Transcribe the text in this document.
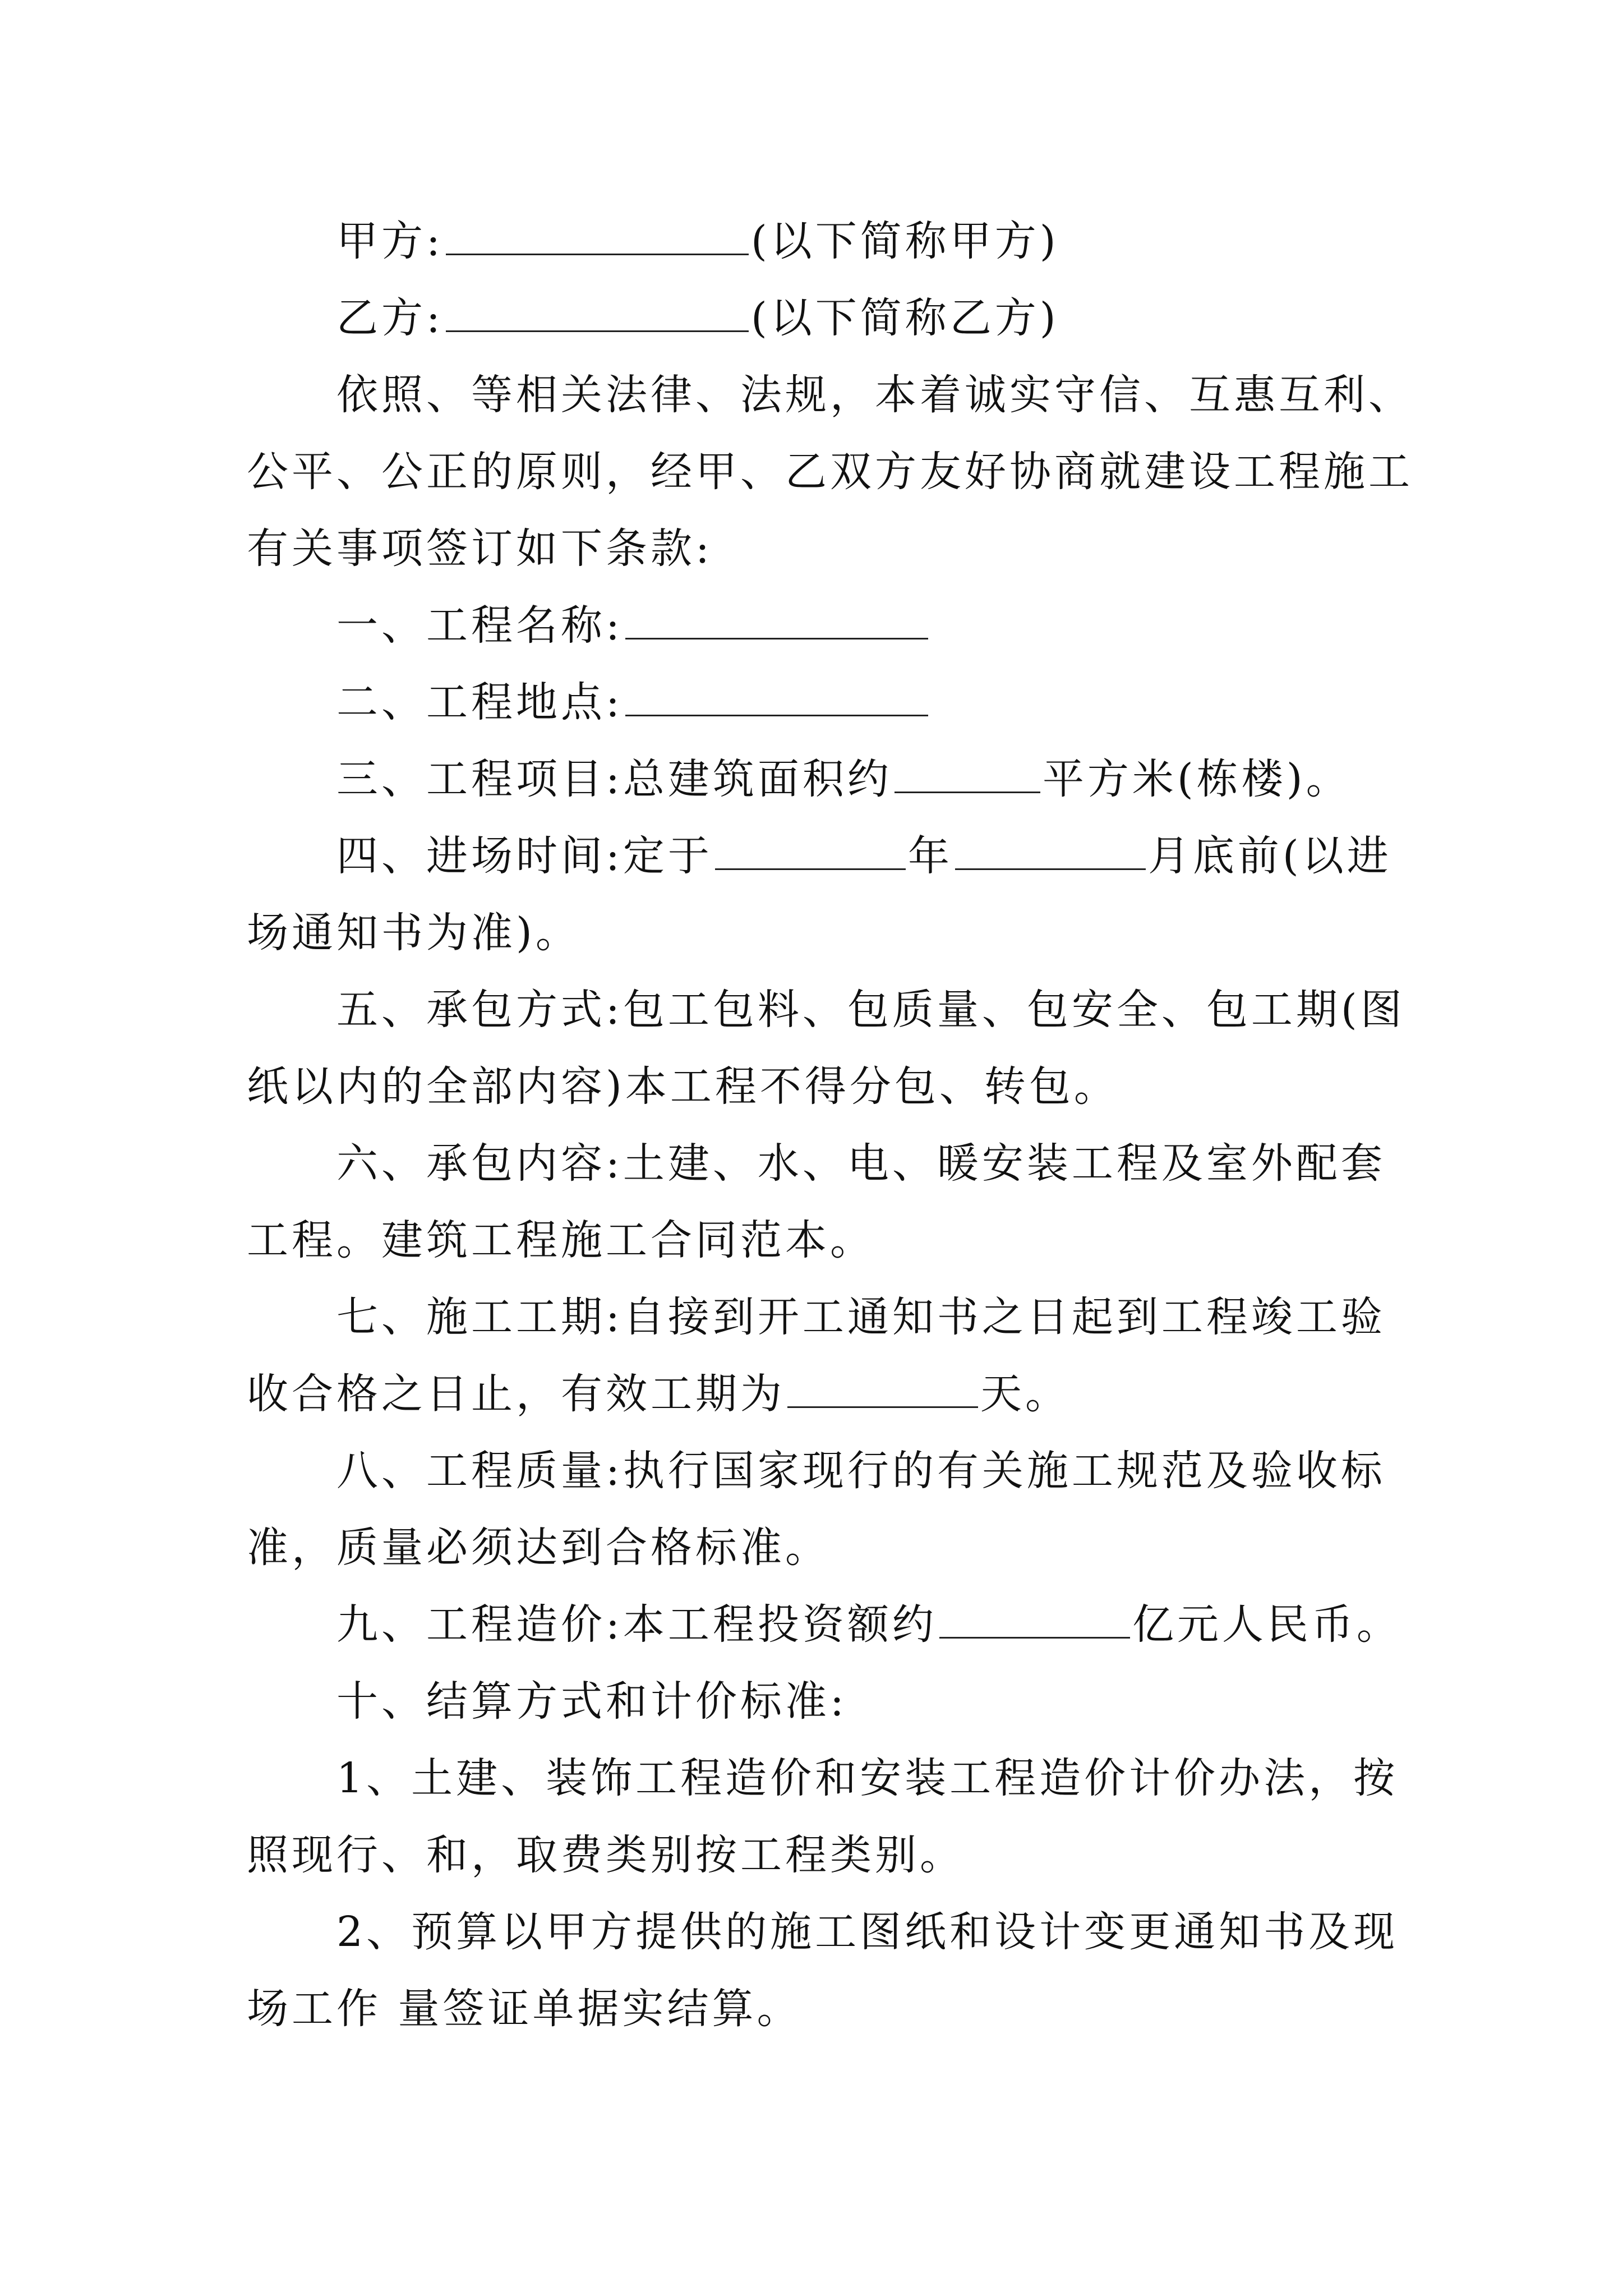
甲方:	(以下简称甲方)
乙方:	(以下简称乙方)
依照、等相关法律、法规，本着诚实守信、互惠互利、
公平、公正的原则，经甲、乙双方友好协商就建设工程施工
有关事项签订如下条款:
一、工程名称:
二、工程地点:
三、工程项目:总建筑面积约	平方米(栋楼)。
四、进场时间:定于	年	月底前(以进
场通知书为准)。
五、承包方式:包工包料、包质量、包安全、包工期(图
纸以内的全部内容)本工程不得分包、转包。
六、承包内容:土建、水、电、暖安装工程及室外配套
工程。建筑工程施工合同范本。
七、施工工期:自接到开工通知书之日起到工程竣工验
收合格之日止，有效工期为	天。
八、工程质量:执行国家现行的有关施工规范及验收标
准，质量必须达到合格标准。
九、工程造价:本工程投资额约	亿元人民币。
十、结算方式和计价标准:
1、土建、装饰工程造价和安装工程造价计价办法，按
照现行、和，取费类别按工程类别。
2、预算以甲方提供的施工图纸和设计变更通知书及现
场工作 量签证单据实结算。
